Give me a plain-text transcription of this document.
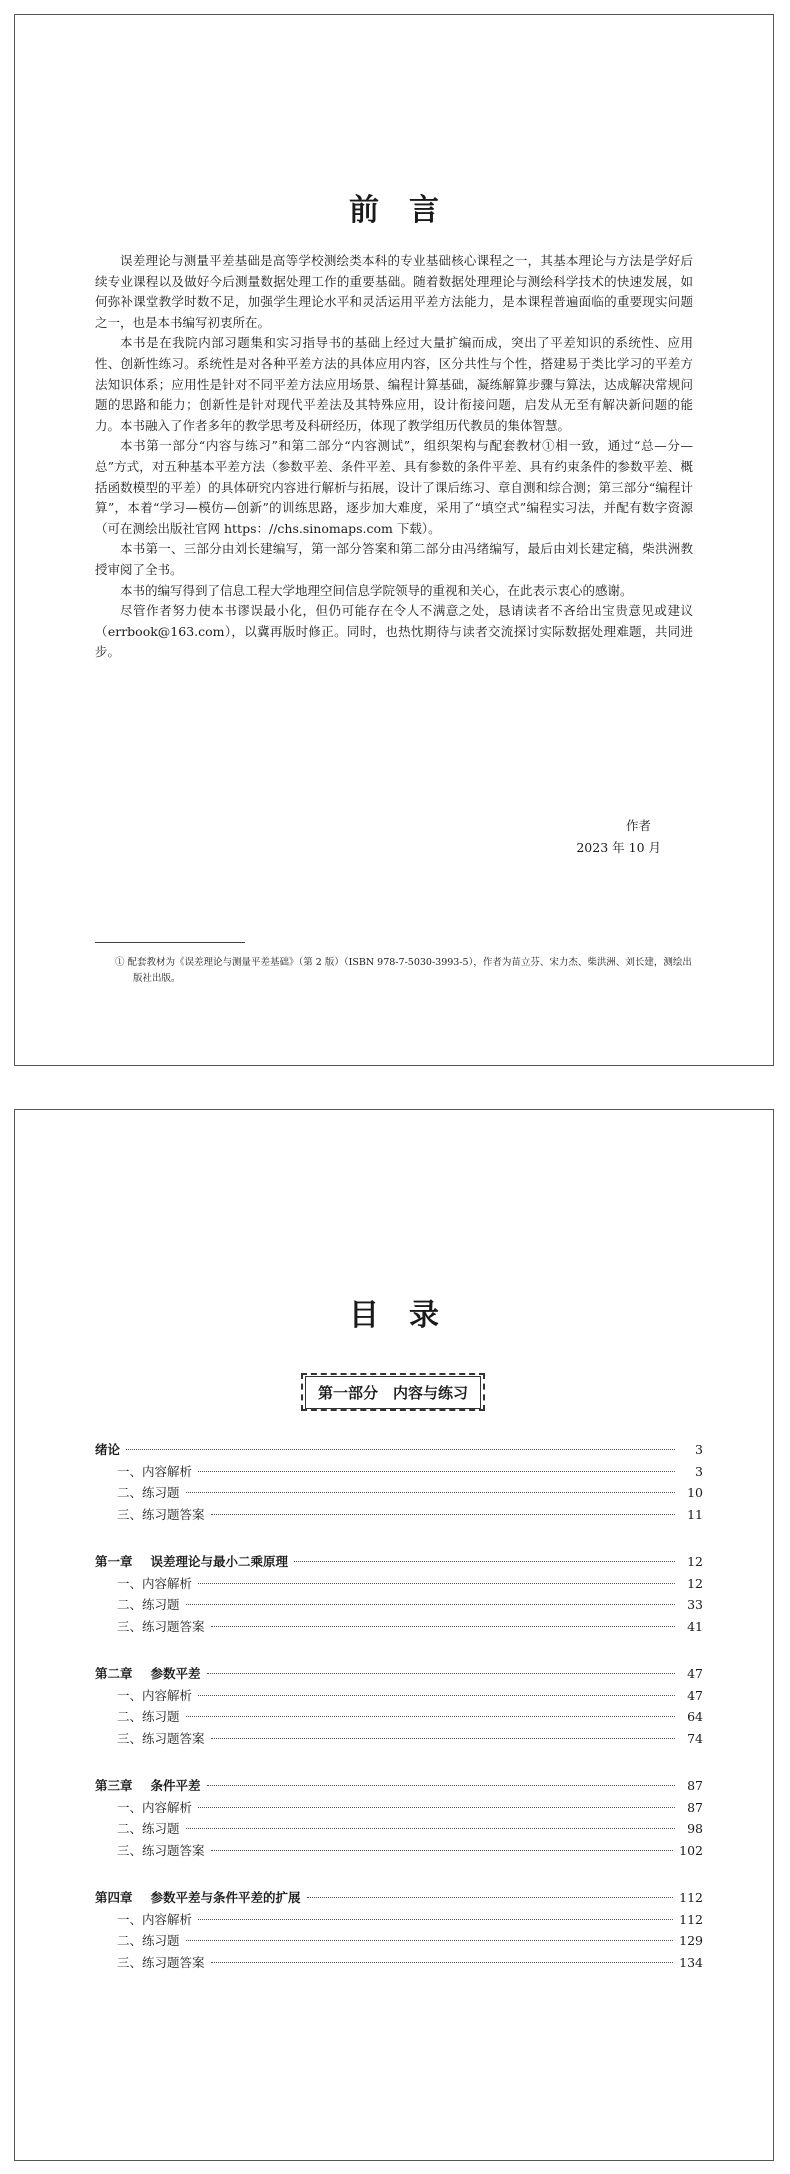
前言

误差理论与测量平差基础是高等学校测绘类本科的专业基础核心课程之一，其基本理论与方法是学好后续专业课程以及做好今后测量数据处理工作的重要基础。随着数据处理理论与测绘科学技术的快速发展，如何弥补课堂教学时数不足，加强学生理论水平和灵活运用平差方法能力，是本课程普遍面临的重要现实问题之一，也是本书编写初衷所在。

本书是在我院内部习题集和实习指导书的基础上经过大量扩编而成，突出了平差知识的系统性、应用性、创新性练习。系统性是对各种平差方法的具体应用内容，区分共性与个性，搭建易于类比学习的平差方法知识体系；应用性是针对不同平差方法应用场景、编程计算基础，凝练解算步骤与算法，达成解决常规问题的思路和能力；创新性是针对现代平差法及其特殊应用，设计衔接问题，启发从无至有解决新问题的能力。本书融入了作者多年的教学思考及科研经历，体现了教学组历代教员的集体智慧。

本书第一部分“内容与练习”和第二部分“内容测试”，组织架构与配套教材①相一致，通过“总—分—总”方式，对五种基本平差方法（参数平差、条件平差、具有参数的条件平差、具有约束条件的参数平差、概括函数模型的平差）的具体研究内容进行解析与拓展，设计了课后练习、章自测和综合测；第三部分“编程计算”，本着“学习—模仿—创新”的训练思路，逐步加大难度，采用了“填空式”编程实习法，并配有数字资源（可在测绘出版社官网 https：//chs.sinomaps.com 下载）。

本书第一、三部分由刘长建编写，第一部分答案和第二部分由冯绪编写，最后由刘长建定稿，柴洪洲教授审阅了全书。

本书的编写得到了信息工程大学地理空间信息学院领导的重视和关心，在此表示衷心的感谢。

尽管作者努力使本书谬误最小化，但仍可能存在令人不满意之处，恳请读者不吝给出宝贵意见或建议（errbook@163.com），以冀再版时修正。同时，也热忱期待与读者交流探讨实际数据处理难题，共同进步。

作者
2023 年 10 月
① 配套教材为《误差理论与测量平差基础》（第 2 版）（ISBN 978-7-5030-3993-5），作者为苗立芬、宋力杰、柴洪洲、刘长建，测绘出版社出版。
目录
第一部分　内容与练习
绪论	3
一、内容解析	3
二、练习题	10
三、练习题答案	11
第一章 误差理论与最小二乘原理	12
一、内容解析	12
二、练习题	33
三、练习题答案	41
第二章 参数平差	47
一、内容解析	47
二、练习题	64
三、练习题答案	74
第三章 条件平差	87
一、内容解析	87
二、练习题	98
三、练习题答案	102
第四章 参数平差与条件平差的扩展	112
一、内容解析	112
二、练习题	129
三、练习题答案	134
